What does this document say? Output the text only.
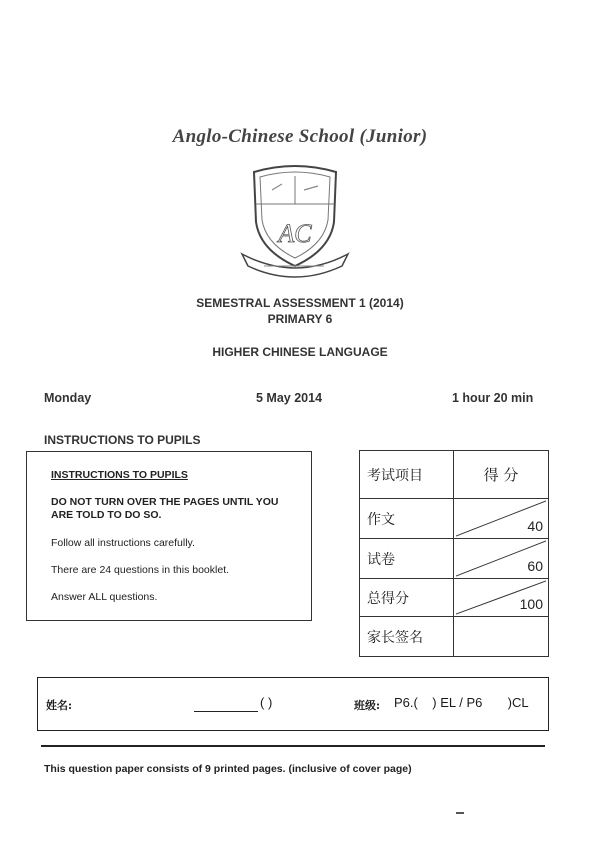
Anglo-Chinese School (Junior)
AC
SEMESTRAL ASSESSMENT 1 (2014)
PRIMARY 6
HIGHER CHINESE LANGUAGE
Monday	5 May 2014	1 hour 20 min
INSTRUCTIONS TO PUPILS
INSTRUCTIONS TO PUPILS
DO NOT TURN OVER THE PAGES UNTIL YOU
ARE TOLD TO DO SO.
Follow all instructions carefully.
There are 24 questions in this booklet.
Answer ALL questions.
考试项目	得 分
作文	40

试卷	60

总得分	100

家长签名	
姓名:	( )	班级: P6.(    ) EL / P6       )CL
This question paper consists of 9 printed pages. (inclusive of cover page)
